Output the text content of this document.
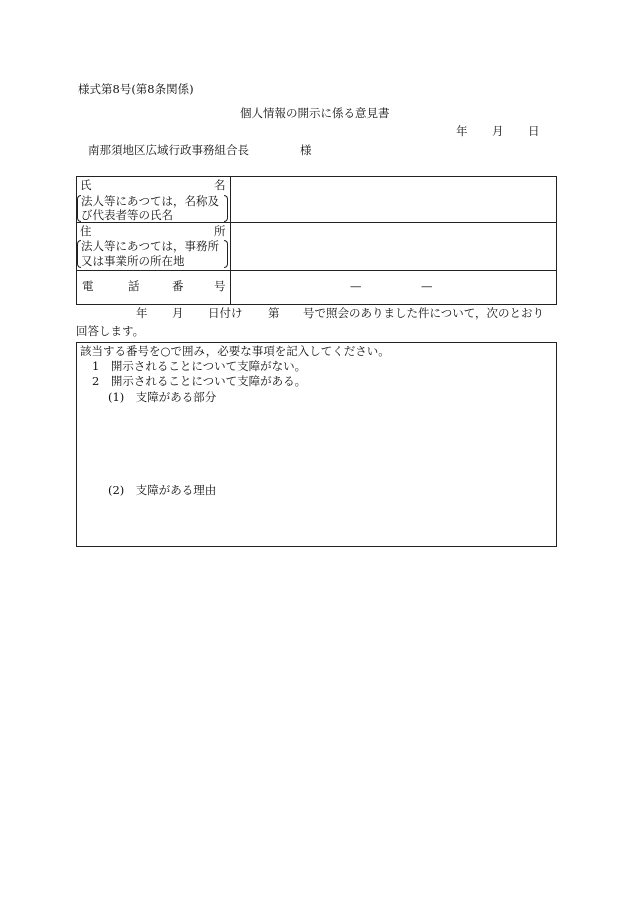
様式第8号(第8条関係)
個人情報の開示に係る意見書
年 月 日
南那須地区広域行政事務組合長	様
氏	名
法人等にあつては，名称及
び代表者等の氏名
住	所
法人等にあつては，事務所
又は事業所の所在地
電	話	番	号	—	—
年 月 日付け 第 号で照会のありました件について，次のとおり
回答します。
該当する番号を○で囲み，必要な事項を記入してください。
1　開示されることについて支障がない。
2　開示されることについて支障がある。
(1)　支障がある部分
(2)　支障がある理由
